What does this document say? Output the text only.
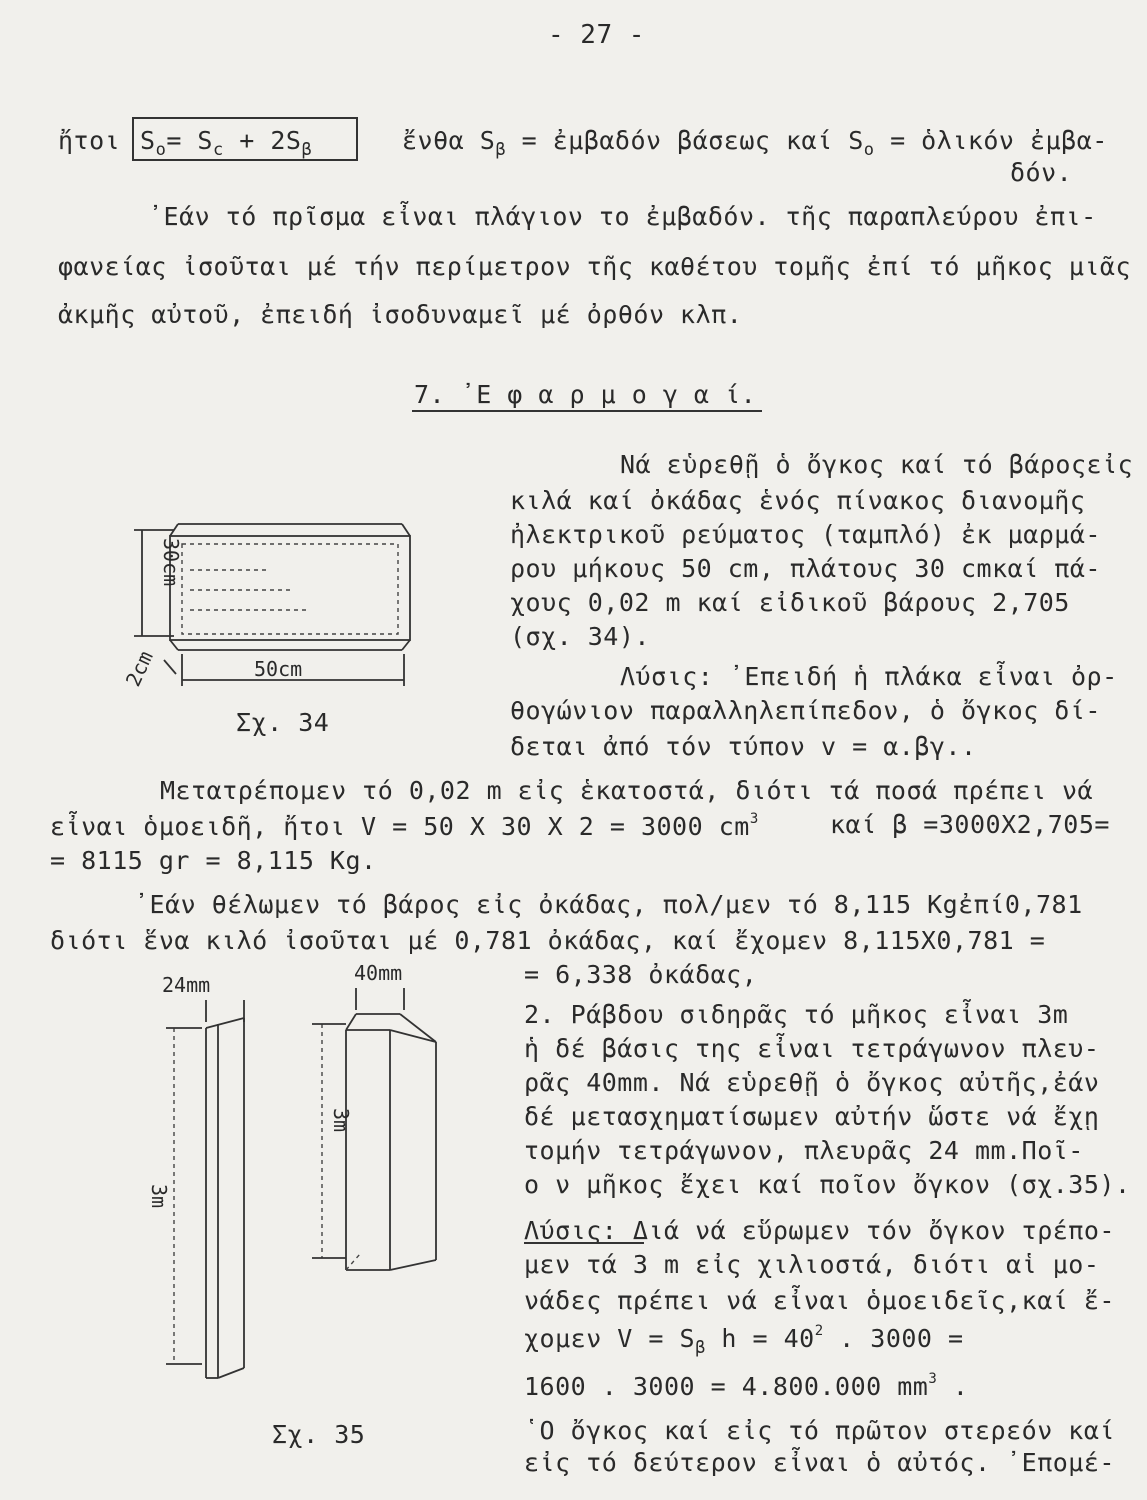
- 27 -
ἤτοι $S_o= S_c + 2S_\beta$	ἔνθα $S_\beta$ = ἐμβαδόν βάσεως καί $S_o$ = ὁλικόν ἐμβα-
δόν.
᾽Εάν τό πρῖσμα εἶναι πλάγιον το ἐμβαδόν. τῆς παραπλεύρου ἐπι-
φανείας ἰσοῦται μέ τήν περίμετρον τῆς καθέτου τομῆς ἐπί τό μῆκος μιᾶς
ἀκμῆς αὐτοῦ, ἐπειδή ἰσοδυναμεῖ μέ ὀρθόν κλπ.
7. ᾽Ε φ α ρ μ ο γ α ί.
Νά εὑρεθῇ ὁ ὄγκος καί τό βάροςεἰς
κιλά καί ὀκάδας ἑνός πίνακος διανομῆς
ἠλεκτρικοῦ ρεύματος (ταμπλό) ἐκ μαρμά-
ρου μήκους 50 cm, πλάτους 30 cmκαί πά-
χους 0,02 m καί εἰδικοῦ βάρους 2,705
(σχ. 34).
Λύσις: ᾽Επειδή ἡ πλάκα εἶναι ὀρ-
θογώνιον παραλληλεπίπεδον, ὁ ὄγκος δί-
δεται ἀπό τόν τύπον v = α.βγ..
30cm
2cm	50cm
Σχ. 34
Μετατρέπομεν τό 0,02 m εἰς ἑκατοστά, διότι τά ποσά πρέπει νά
εἶναι ὁμοειδῆ, ἤτοι V = 50 X 30 X 2 = 3000 $cm^3$	καί β =3000X2,705=
= 8115 gr = 8,115 Kg.
᾽Εάν θέλωμεν τό βάρος εἰς ὀκάδας, πολ/μεν τό 8,115 Kgἐπί0,781
διότι ἕνα κιλό ἰσοῦται μέ 0,781 ὀκάδας, καί ἔχομεν 8,115X0,781 =
= 6,338 ὀκάδας,
24mm	40mm
3m
3m
Σχ. 35
2. Ράβδου σιδηρᾶς τό μῆκος εἶναι 3m
ἡ δέ βάσις της εἶναι τετράγωνον πλευ-
ρᾶς 40mm. Νά εὑρεθῇ ὁ ὄγκος αὐτῆς,ἐάν
δέ μετασχηματίσωμεν αὐτήν ὥστε νά ἔχῃ
τομήν τετράγωνον, πλευρᾶς 24 mm.Ποῖ-
ο ν μῆκος ἔχει καί ποῖον ὄγκον (σχ.35).
Λύσις: Διά νά εὕρωμεν τόν ὄγκον τρέπο-
μεν τά 3 m εἰς χιλιοστά, διότι αἱ μο-
νάδες πρέπει νά εἶναι ὁμοειδεῖς,καί ἔ-
χομεν $V = S_\beta$ $h = 40^2$ . 3000 =
1600 . 3000 = 4.800.000 $mm^3$ .
῾Ο ὄγκος καί εἰς τό πρῶτον στερεόν καί
εἰς τό δεύτερον εἶναι ὁ αὐτός. ᾽Επομέ-
